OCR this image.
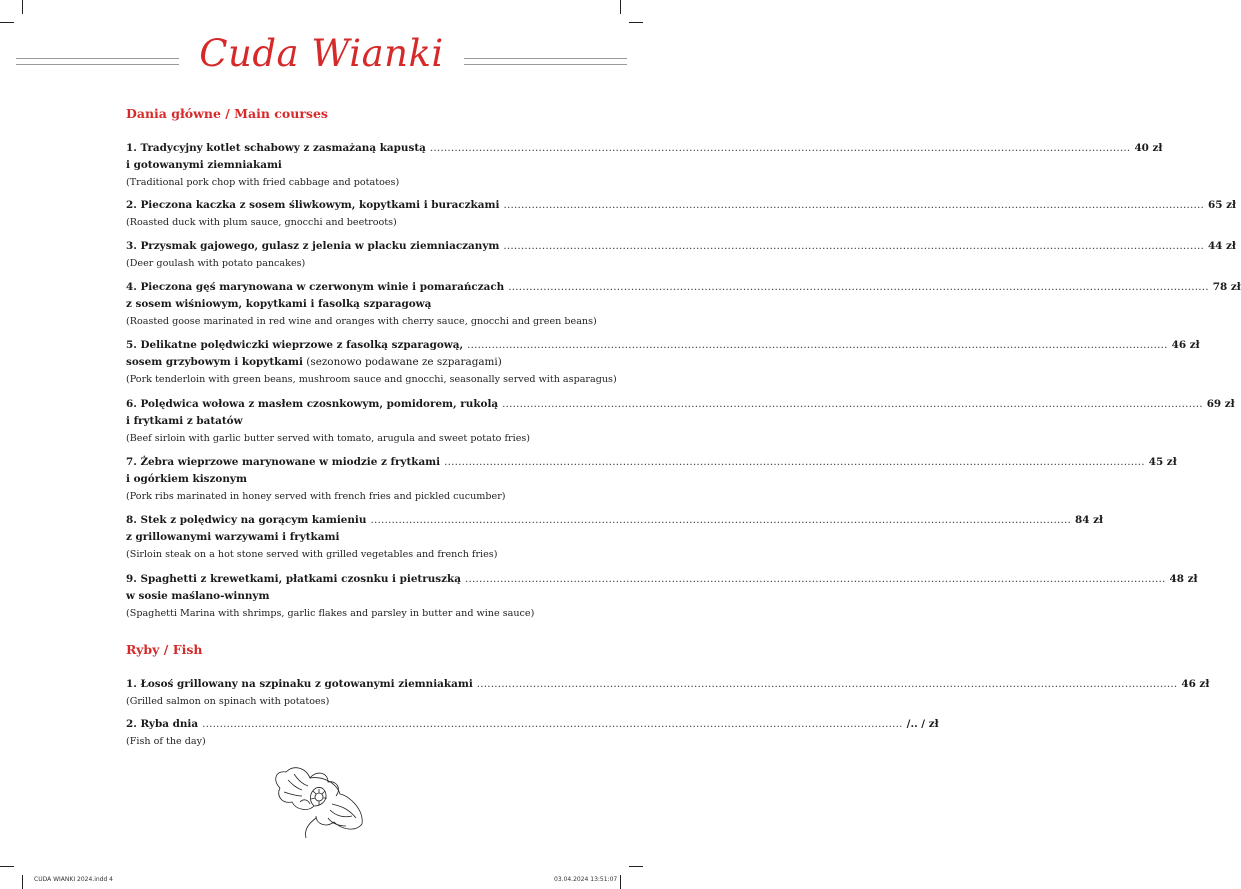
Cuda Wianki
Dania główne / Main courses
1. Tradycyjny kotlet schabowy z zasmażaną kapustą ........................................................................................................................................................................................................ 40 zł
i gotowanymi ziemniakami
(Traditional pork chop with fried cabbage and potatoes)
2. Pieczona kaczka z sosem śliwkowym, kopytkami i buraczkami ........................................................................................................................................................................................................ 65 zł
(Roasted duck with plum sauce, gnocchi and beetroots)
3. Przysmak gajowego, gulasz z jelenia w placku ziemniaczanym ........................................................................................................................................................................................................ 44 zł
(Deer goulash with potato pancakes)
4. Pieczona gęś marynowana w czerwonym winie i pomarańczach ........................................................................................................................................................................................................ 78 zł
z sosem wiśniowym, kopytkami i fasolką szparagową
(Roasted goose marinated in red wine and oranges with cherry sauce, gnocchi and green beans)
5. Delikatne polędwiczki wieprzowe z fasolką szparagową, ........................................................................................................................................................................................................ 46 zł
sosem grzybowym i kopytkami (sezonowo podawane ze szparagami)
(Pork tenderloin with green beans, mushroom sauce and gnocchi, seasonally served with asparagus)
6. Polędwica wołowa z masłem czosnkowym, pomidorem, rukolą ........................................................................................................................................................................................................ 69 zł
i frytkami z batatów
(Beef sirloin with garlic butter served with tomato, arugula and sweet potato fries)
7. Żebra wieprzowe marynowane w miodzie z frytkami ........................................................................................................................................................................................................ 45 zł
i ogórkiem kiszonym
(Pork ribs marinated in honey served with french fries and pickled cucumber)
8. Stek z polędwicy na gorącym kamieniu ........................................................................................................................................................................................................ 84 zł
z grillowanymi warzywami i frytkami
(Sirloin steak on a hot stone served with grilled vegetables and french fries)
9. Spaghetti z krewetkami, płatkami czosnku i pietruszką ........................................................................................................................................................................................................ 48 zł
w sosie maślano-winnym
(Spaghetti Marina with shrimps, garlic flakes and parsley in butter and wine sauce)
Ryby / Fish
1. Łosoś grillowany na szpinaku z gotowanymi ziemniakami ........................................................................................................................................................................................................ 46 zł
(Grilled salmon on spinach with potatoes)
2. Ryba dnia ........................................................................................................................................................................................................ /.. / zł
(Fish of the day)
CUDA WIANKI 2024.indd 4	03.04.2024 13:51:07
